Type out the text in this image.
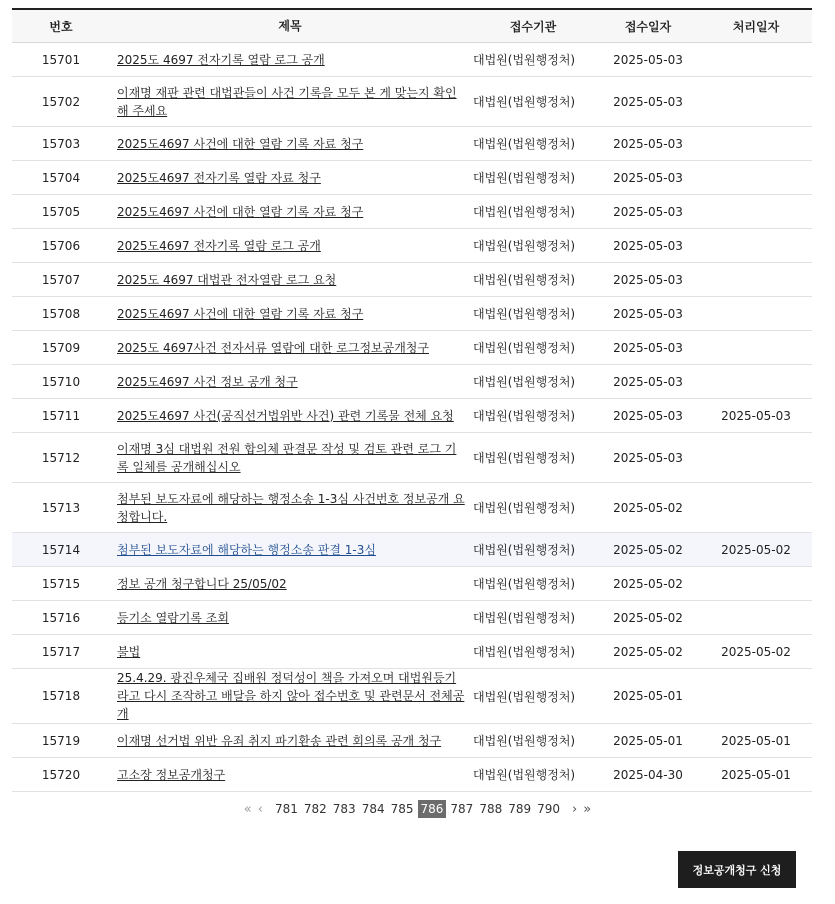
번호	제목	접수기관	접수일자	처리일자
15701	2025도 4697 전자기록 열람 로그 공개	대법원(법원행정처)	2025-05-03	
15702	이재명 재판 관련 대법관들이 사건 기록을 모두 본 게 맞는지 확인해 주세요	대법원(법원행정처)	2025-05-03	
15703	2025도4697 사건에 대한 열람 기록 자료 청구	대법원(법원행정처)	2025-05-03	
15704	2025도4697 전자기록 열람 자료 청구	대법원(법원행정처)	2025-05-03	
15705	2025도4697 사건에 대한 열람 기록 자료 청구	대법원(법원행정처)	2025-05-03	
15706	2025도4697 전자기록 열람 로그 공개	대법원(법원행정처)	2025-05-03	
15707	2025도 4697 대법관 전자열람 로그 요청	대법원(법원행정처)	2025-05-03	
15708	2025도4697 사건에 대한 열람 기록 자료 청구	대법원(법원행정처)	2025-05-03	
15709	2025도 4697사건 전자서류 열람에 대한 로그정보공개청구	대법원(법원행정처)	2025-05-03	
15710	2025도4697 사건 정보 공개 청구	대법원(법원행정처)	2025-05-03	
15711	2025도4697 사건(공직선거법위반 사건) 관련 기록물 전체 요청	대법원(법원행정처)	2025-05-03	2025-05-03
15712	이재명 3심 대법원 전원 합의체 판결문 작성 및 검토 관련 로그 기록 일체를 공개해십시오	대법원(법원행정처)	2025-05-03	
15713	첨부된 보도자료에 해당하는 행정소송 1-3심 사건번호 정보공개 요청합니다.	대법원(법원행정처)	2025-05-02	
15714	첨부된 보도자료에 해당하는 행정소송 판결 1-3심	대법원(법원행정처)	2025-05-02	2025-05-02
15715	정보 공개 청구합니다 25/05/02	대법원(법원행정처)	2025-05-02	
15716	등기소 열람기록 조회	대법원(법원행정처)	2025-05-02	
15717	불법	대법원(법원행정처)	2025-05-02	2025-05-02
15718	25.4.29. 광진우체국 집배원 정덕성이 책을 가져오며 대법원등기라고 다시 조작하고 배달을 하지 않아 접수번호 및 관련문서 전체공개	대법원(법원행정처)	2025-05-01	
15719	이재명 선거법 위반 유죄 취지 파기환송 관련 회의록 공개 청구	대법원(법원행정처)	2025-05-01	2025-05-01
15720	고소장 정보공개청구	대법원(법원행정처)	2025-04-30	2025-05-01
« ‹ 781 782 783 784 785 786 787 788 789 790 › »
정보공개청구 신청
